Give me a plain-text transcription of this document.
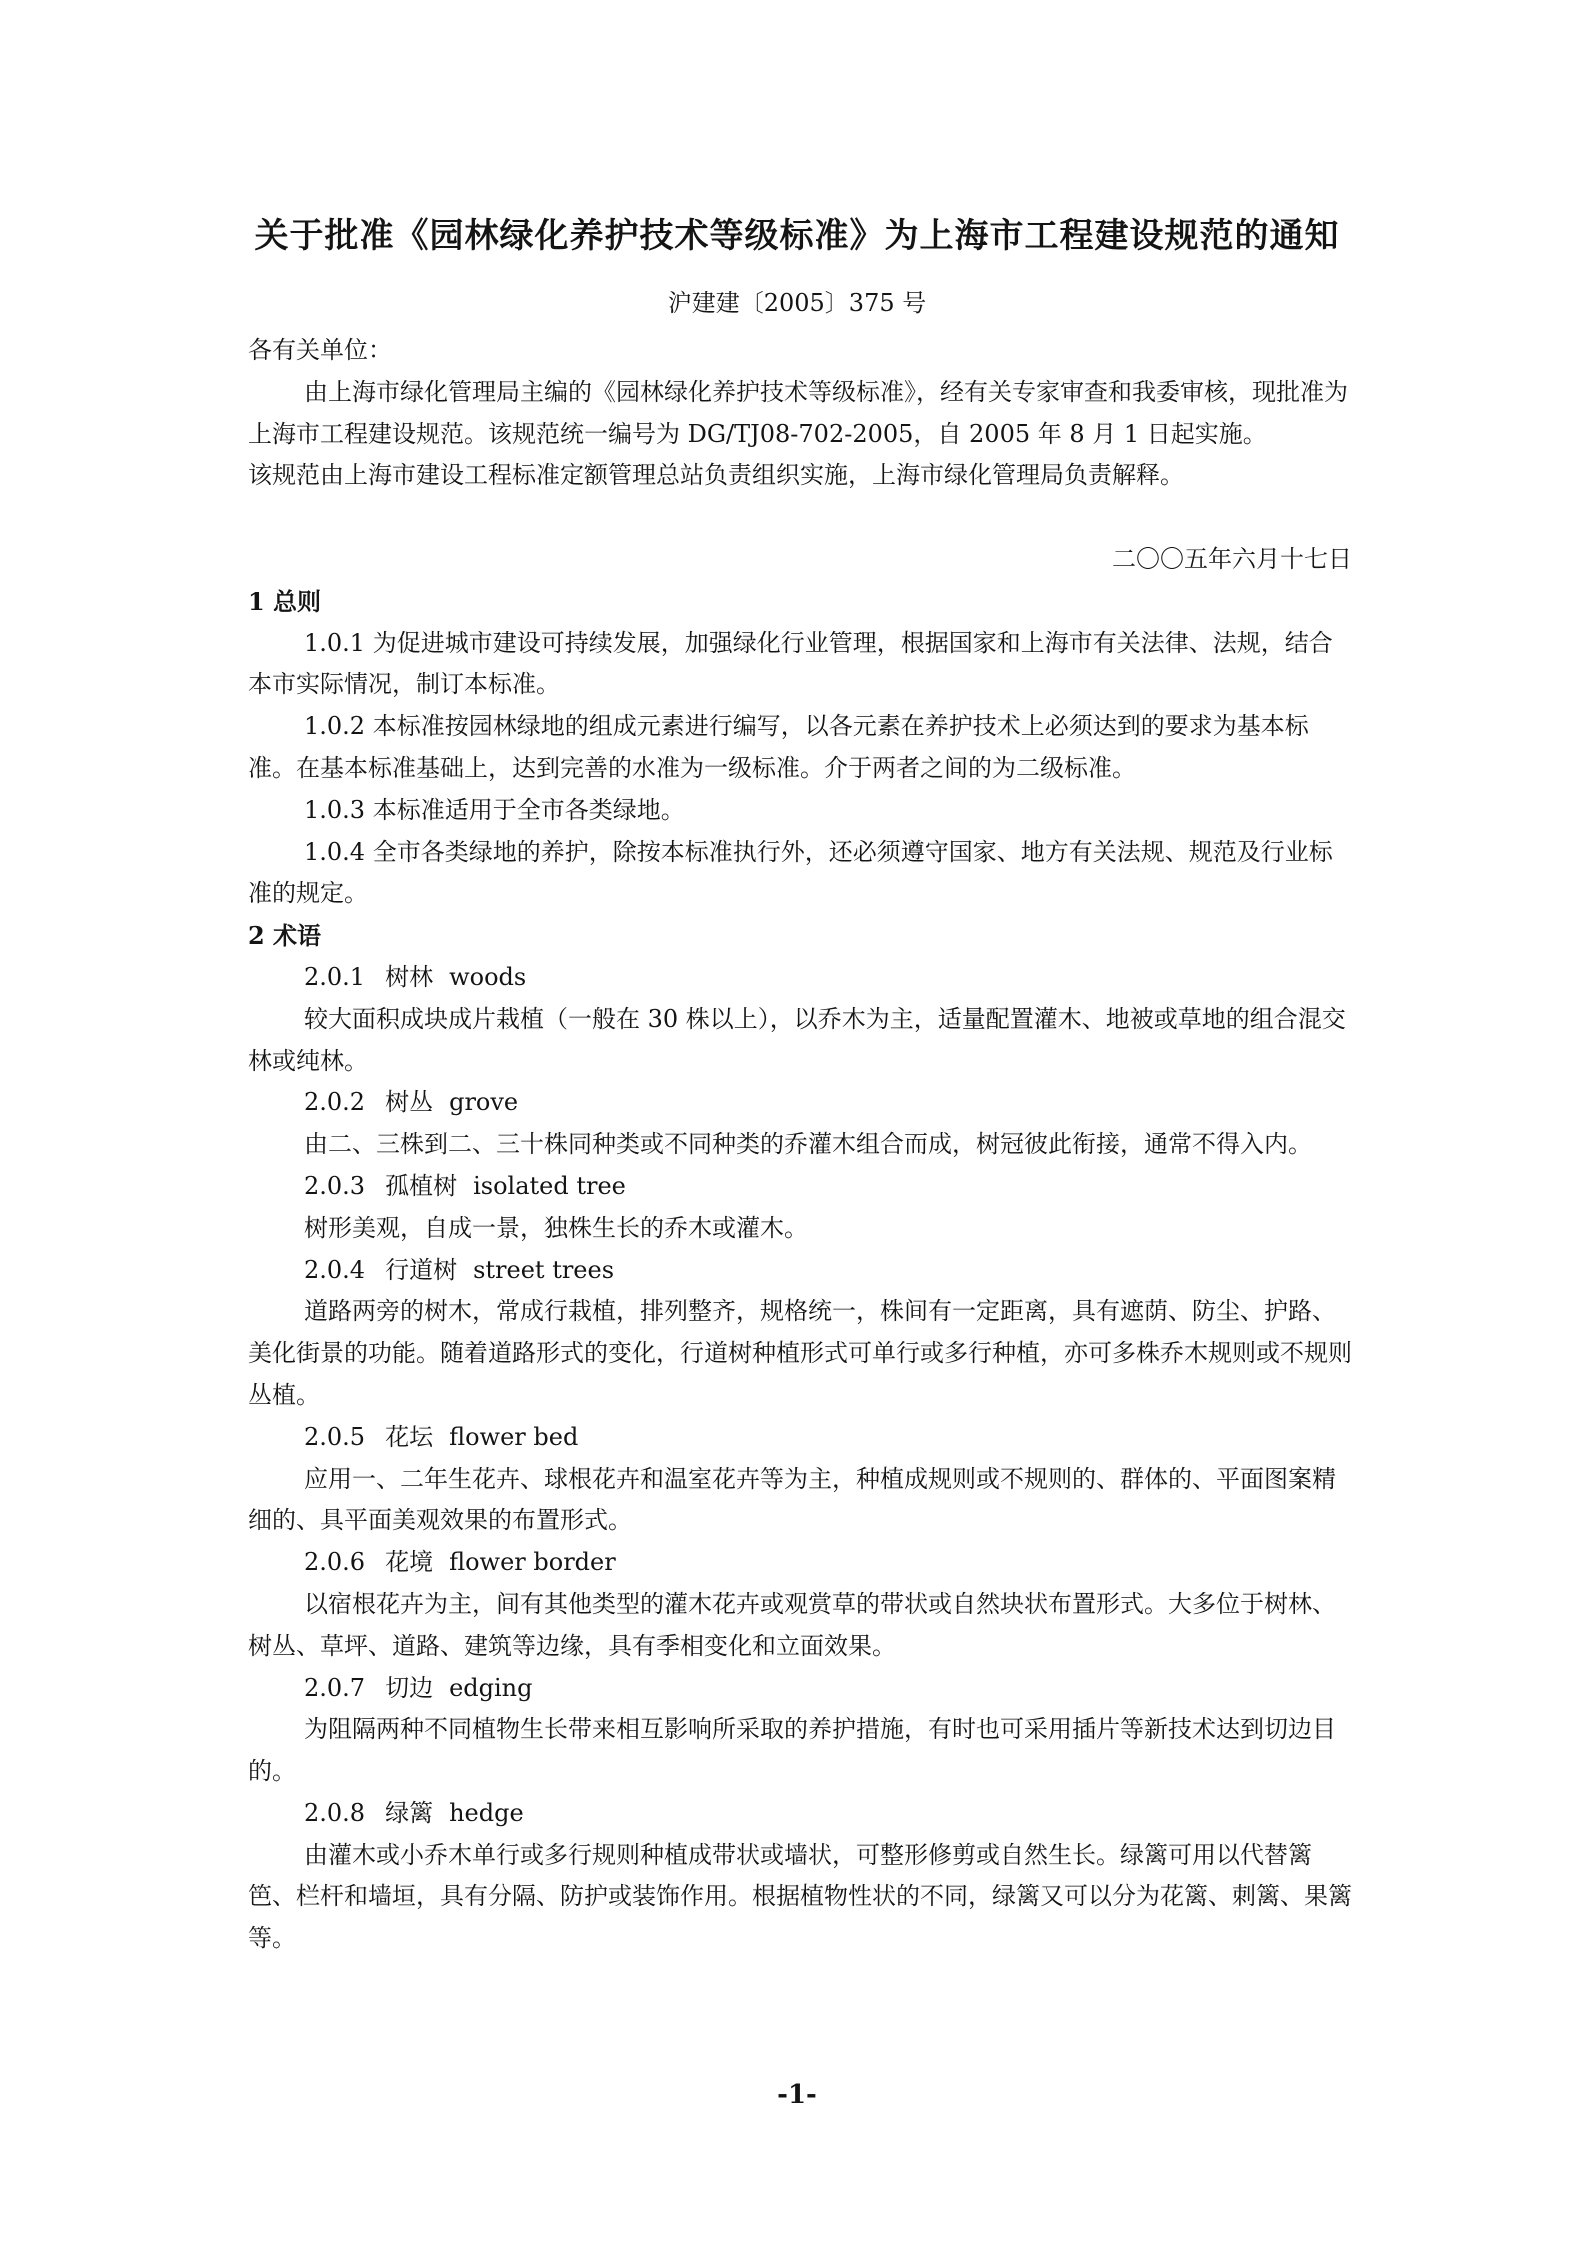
关于批准《园林绿化养护技术等级标准》为上海市工程建设规范的通知
沪建建〔2005〕375 号

各有关单位：

由上海市绿化管理局主编的《园林绿化养护技术等级标准》，经有关专家审查和我委审核，现批准为上海市工程建设规范。该规范统一编号为 DG/TJ08-702-2005，自 2005 年 8 月 1 日起实施。

该规范由上海市建设工程标准定额管理总站负责组织实施，上海市绿化管理局负责解释。

二〇〇五年六月十七日

1 总则

1.0.1 为促进城市建设可持续发展，加强绿化行业管理，根据国家和上海市有关法律、法规，结合本市实际情况，制订本标准。

1.0.2 本标准按园林绿地的组成元素进行编写，以各元素在养护技术上必须达到的要求为基本标准。在基本标准基础上，达到完善的水准为一级标准。介于两者之间的为二级标准。

1.0.3 本标准适用于全市各类绿地。

1.0.4 全市各类绿地的养护，除按本标准执行外，还必须遵守国家、地方有关法规、规范及行业标准的规定。

2 术语

2.0.1 树林 woods

较大面积成块成片栽植（一般在 30 株以上），以乔木为主，适量配置灌木、地被或草地的组合混交林或纯林。

2.0.2 树丛 grove

由二、三株到二、三十株同种类或不同种类的乔灌木组合而成，树冠彼此衔接，通常不得入内。

2.0.3 孤植树 isolated tree

树形美观，自成一景，独株生长的乔木或灌木。

2.0.4 行道树 street trees

道路两旁的树木，常成行栽植，排列整齐，规格统一，株间有一定距离，具有遮荫、防尘、护路、美化街景的功能。随着道路形式的变化，行道树种植形式可单行或多行种植，亦可多株乔木规则或不规则丛植。

2.0.5 花坛 flower bed

应用一、二年生花卉、球根花卉和温室花卉等为主，种植成规则或不规则的、群体的、平面图案精细的、具平面美观效果的布置形式。

2.0.6 花境 flower border

以宿根花卉为主，间有其他类型的灌木花卉或观赏草的带状或自然块状布置形式。大多位于树林、树丛、草坪、道路、建筑等边缘，具有季相变化和立面效果。

2.0.7 切边 edging

为阻隔两种不同植物生长带来相互影响所采取的养护措施，有时也可采用插片等新技术达到切边目的。

2.0.8 绿篱 hedge

由灌木或小乔木单行或多行规则种植成带状或墙状，可整形修剪或自然生长。绿篱可用以代替篱笆、栏杆和墙垣，具有分隔、防护或装饰作用。根据植物性状的不同，绿篱又可以分为花篱、刺篱、果篱等。

-1-
